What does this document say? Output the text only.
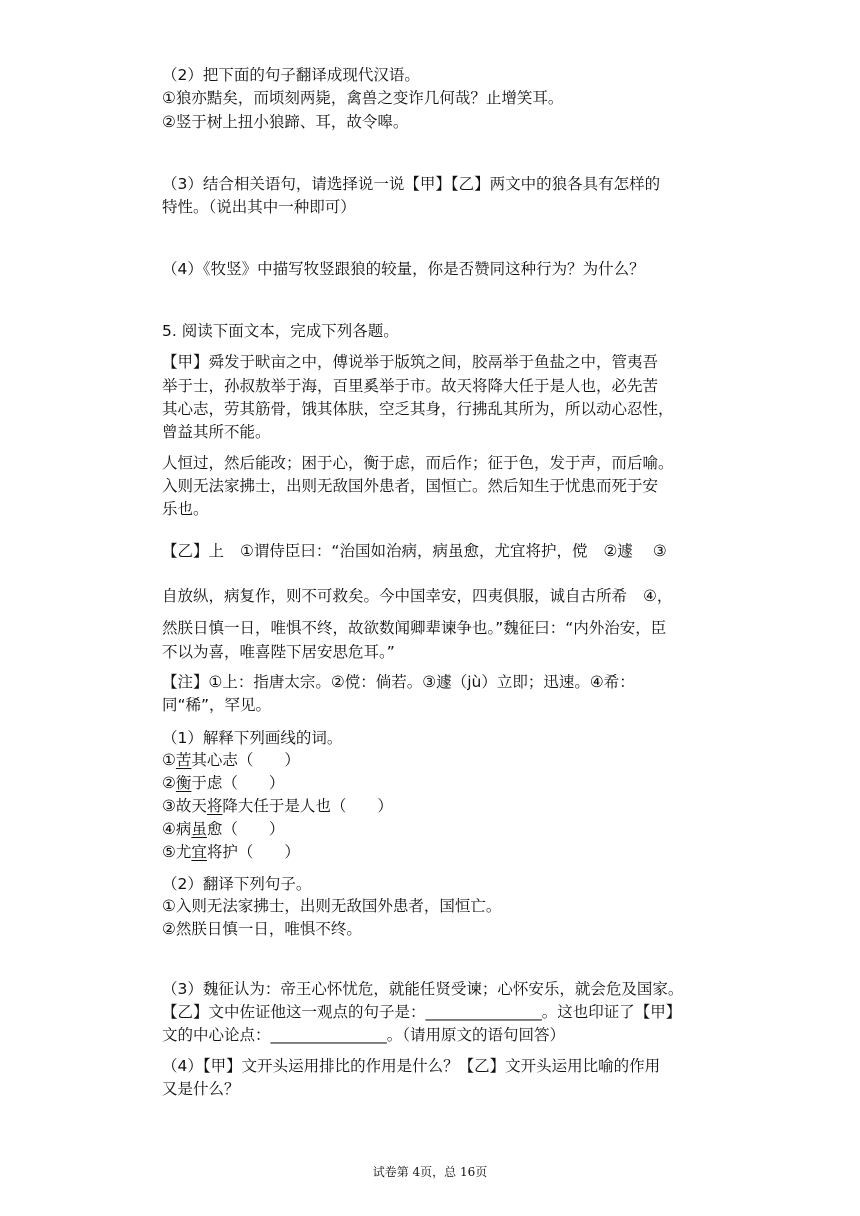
（2）把下面的句子翻译成现代汉语。
①狼亦黠矣，而顷刻两毙，禽兽之变诈几何哉？止增笑耳。
②竖于树上扭小狼蹄、耳，故令嗥。
（3）结合相关语句，请选择说一说【甲】【乙】两文中的狼各具有怎样的
特性。（说出其中一种即可）
（4）《牧竖》中描写牧竖跟狼的较量，你是否赞同这种行为？为什么？
5. 阅读下面文本，完成下列各题。
【甲】舜发于畎亩之中，傅说举于版筑之间，胶鬲举于鱼盐之中，管夷吾
举于士，孙叔敖举于海，百里奚举于市。故天将降大任于是人也，必先苦
其心志，劳其筋骨，饿其体肤，空乏其身，行拂乱其所为，所以动心忍性，
曾益其所不能。
人恒过，然后能改；困于心，衡于虑，而后作；征于色，发于声，而后喻。
入则无法家拂士，出则无敌国外患者，国恒亡。然后知生于忧患而死于安
乐也。
【乙】上 ①谓侍臣曰：“治国如治病，病虽愈，尤宜将护，傥 ②遽 ③
自放纵，病复作，则不可救矣。今中国幸安，四夷俱服，诚自古所希 ④，
然朕日慎一日，唯惧不终，故欲数闻卿辈谏争也。”魏征曰：“内外治安，臣
不以为喜，唯喜陛下居安思危耳。”
【注】①上：指唐太宗。②傥：倘若。③遽（jù）立即；迅速。④希：
同“稀”，罕见。
（1）解释下列画线的词。
①苦其心志（　　）
②衡于虑（　　）
③故天将降大任于是人也（　　）
④病虽愈（　　）
⑤尤宜将护（　　）
（2）翻译下列句子。
①入则无法家拂士，出则无敌国外患者，国恒亡。
②然朕日慎一日，唯惧不终。
（3）魏征认为：帝王心怀忧危，就能任贤受谏；心怀安乐，就会危及国家。
【乙】文中佐证他这一观点的句子是：_______________。这也印证了【甲】
文的中心论点：_______________。（请用原文的语句回答）
（4）【甲】文开头运用排比的作用是什么？【乙】文开头运用比喻的作用
又是什么？
试卷第 4页，总 16页
